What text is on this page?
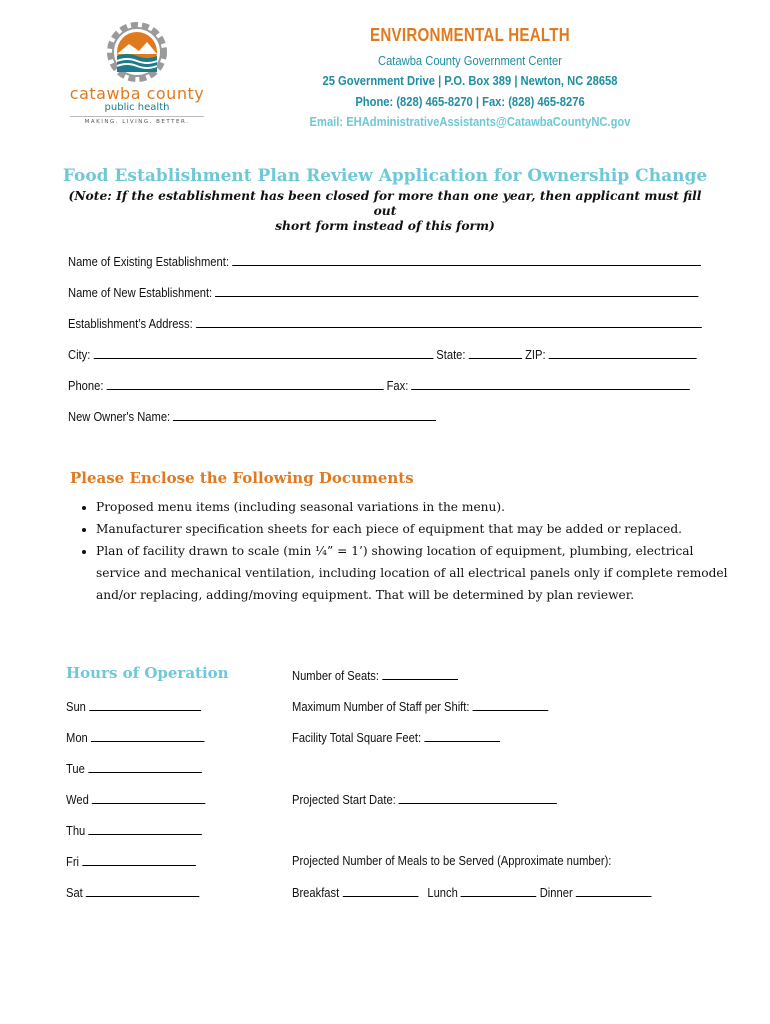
catawba county
public health
MAKING. LIVING. BETTER.
ENVIRONMENTAL HEALTH
Catawba County Government Center
25 Government Drive | P.O. Box 389 | Newton, NC 28658
Phone: (828) 465-8270 | Fax: (828) 465-8276
Email: EHAdministrativeAssistants@CatawbaCountyNC.gov
Food Establishment Plan Review Application for Ownership Change
(Note: If the establishment has been closed for more than one year, then applicant must fill out
short form instead of this form)
Name of Existing Establishment:
Name of New Establishment:
Establishment’s Address:
City:	State:	ZIP:
Phone:	Fax:
New Owner's Name:
Please Enclose the Following Documents
• Proposed menu items (including seasonal variations in the menu).
• Manufacturer specification sheets for each piece of equipment that may be added or replaced.
• Plan of facility drawn to scale (min ¼” = 1’) showing location of equipment, plumbing, electrical service and mechanical ventilation, including location of all electrical panels only if complete remodel and/or replacing, adding/moving equipment. That will be determined by plan reviewer.
Hours of Operation
Sun
Mon
Tue
Wed
Thu
Fri
Sat
Number of Seats:
Maximum Number of Staff per Shift:
Facility Total Square Feet:
Projected Start Date:
Projected Number of Meals to be Served (Approximate number):
Breakfast	Lunch	Dinner
